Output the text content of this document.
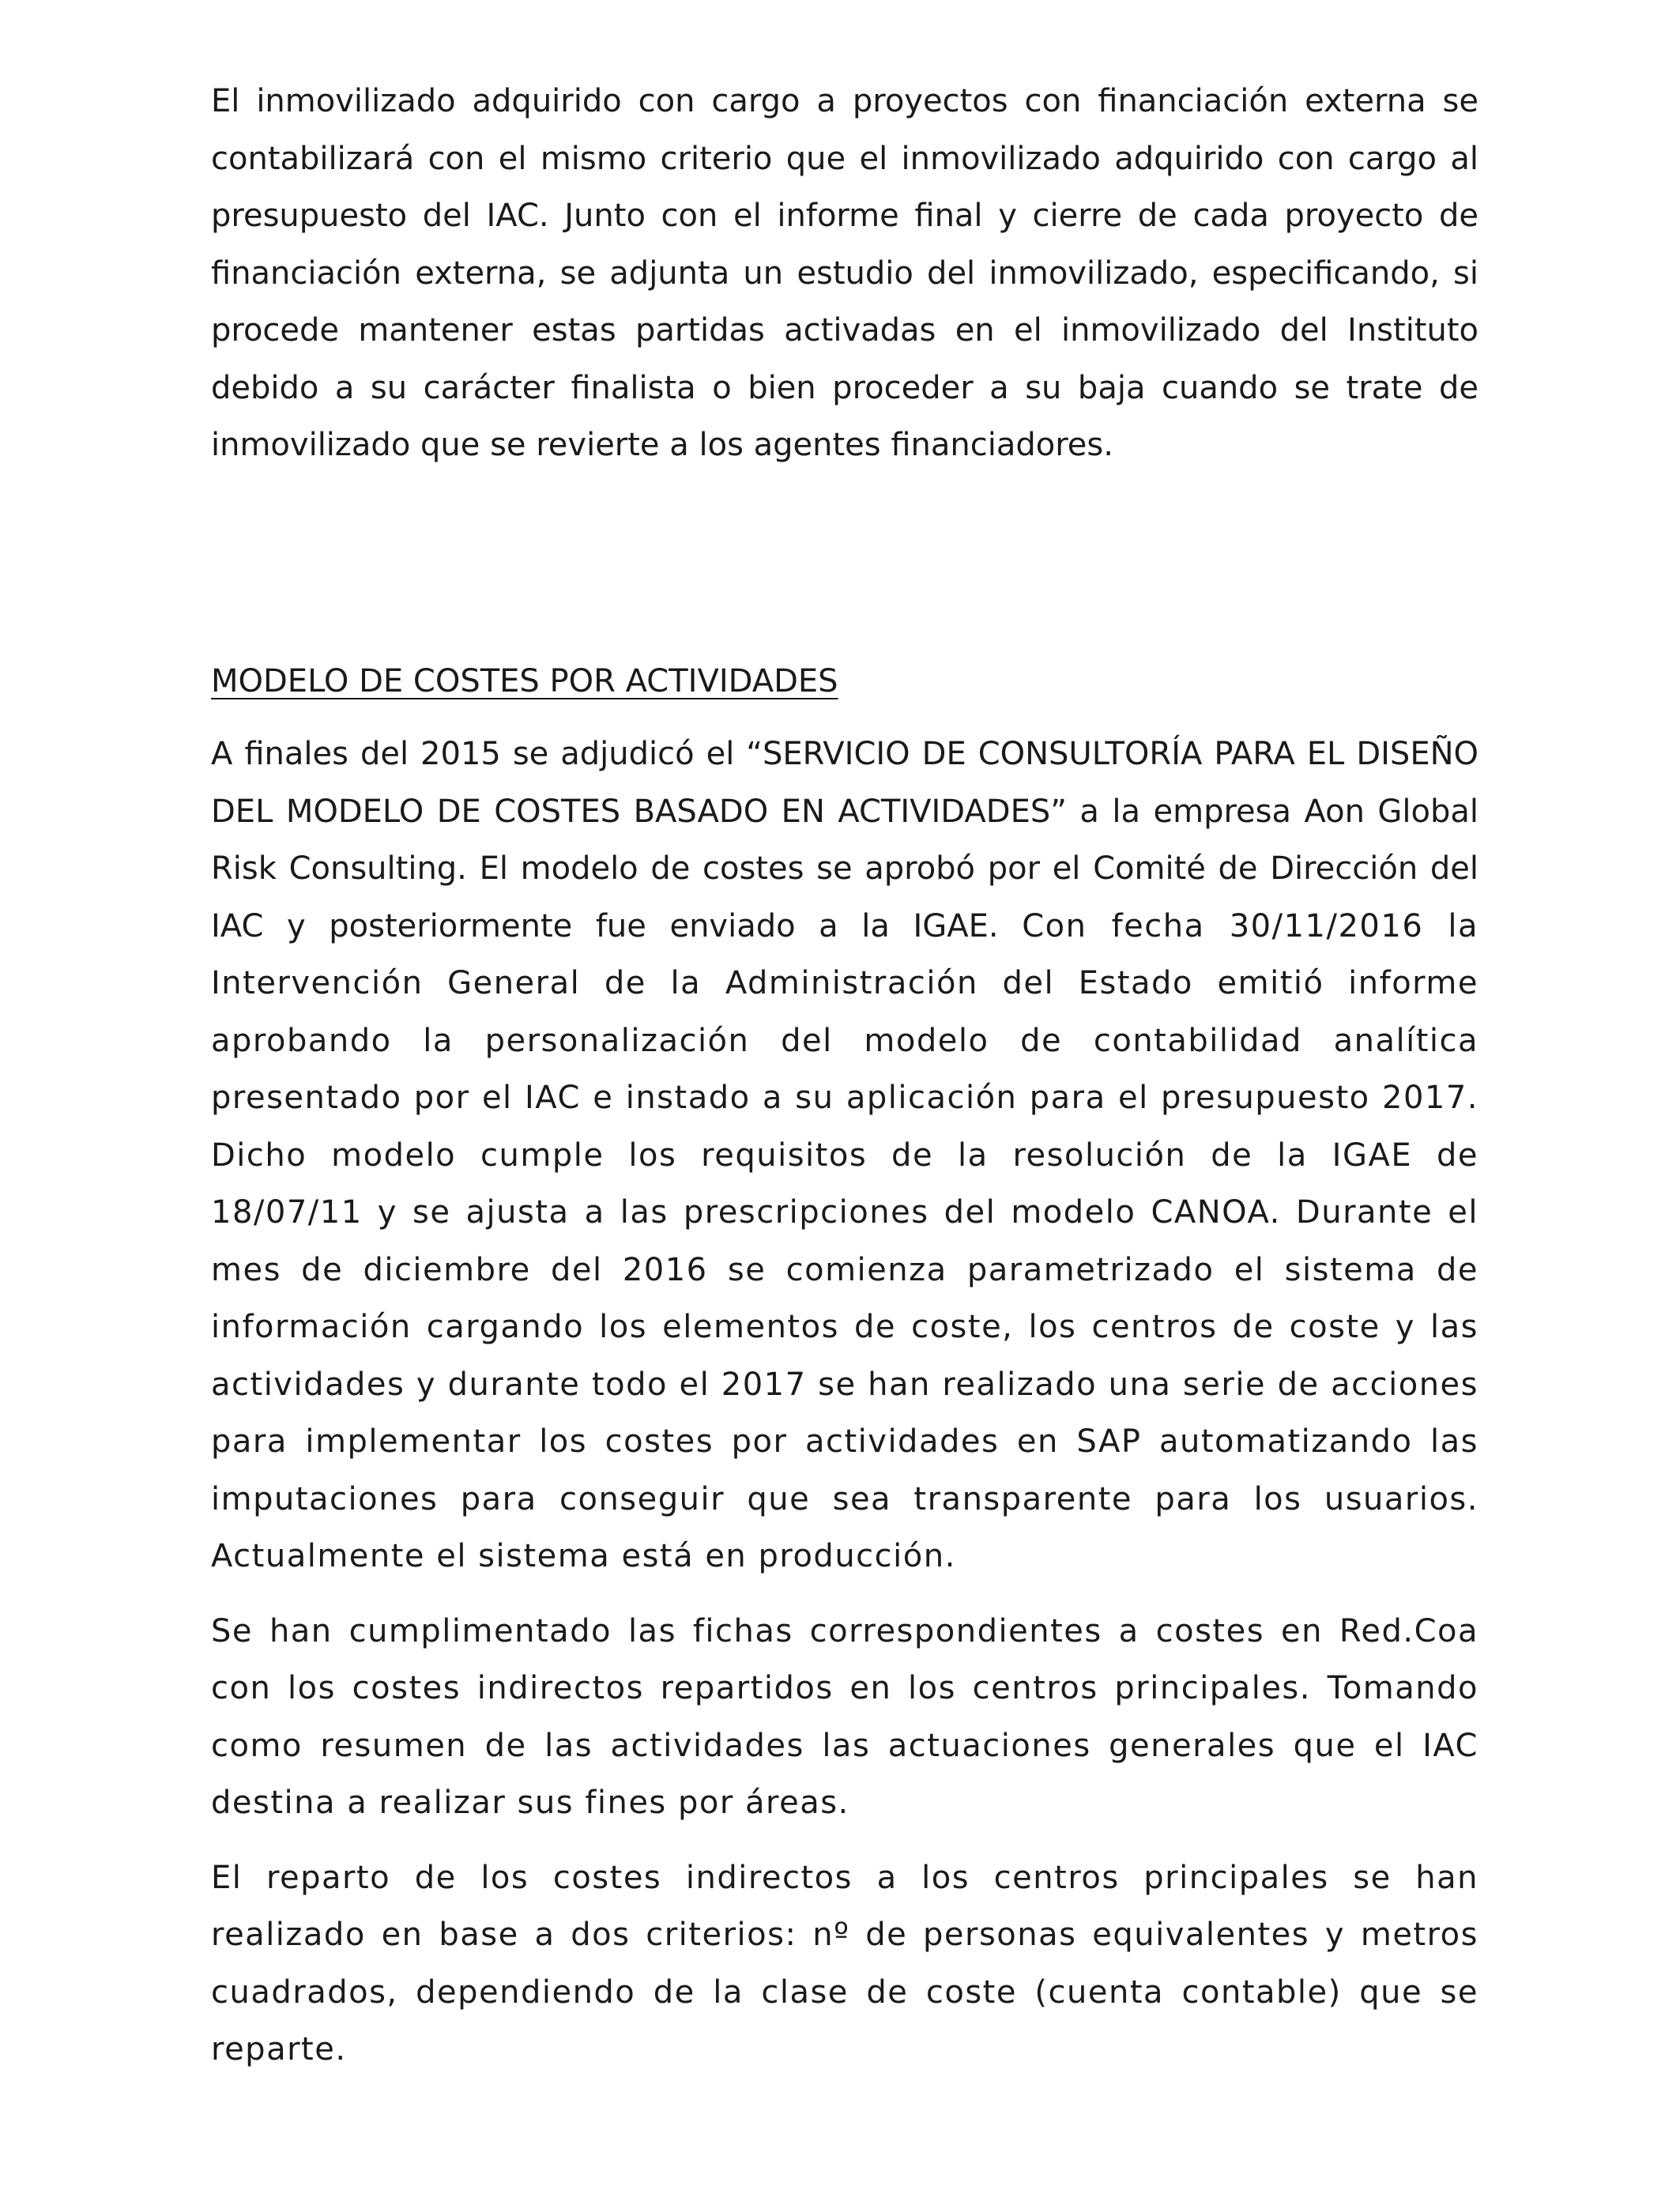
El inmovilizado adquirido con cargo a proyectos con financiación externa se contabilizará con el mismo criterio que el inmovilizado adquirido con cargo al presupuesto del IAC. Junto con el informe final y cierre de cada proyecto de financiación externa, se adjunta un estudio del inmovilizado, especificando, si procede mantener estas partidas activadas en el inmovilizado del Instituto debido a su carácter finalista o bien proceder a su baja cuando se trate de inmovilizado que se revierte a los agentes financiadores.

MODELO DE COSTES POR ACTIVIDADES

A finales del 2015 se adjudicó el “SERVICIO DE CONSULTORÍA PARA EL DISEÑO DEL MODELO DE COSTES BASADO EN ACTIVIDADES” a la empresa Aon Global Risk Consulting. El modelo de costes se aprobó por el Comité de Dirección del IAC y posteriormente fue enviado a la IGAE. Con fecha 30/11/2016 la Intervención General de la Administración del Estado emitió informe aprobando la personalización del modelo de contabilidad analítica presentado por el IAC e instado a su aplicación para el presupuesto 2017. Dicho modelo cumple los requisitos de la resolución de la IGAE de 18/07/11 y se ajusta a las prescripciones del modelo CANOA. Durante el mes de diciembre del 2016 se comienza parametrizado el sistema de información cargando los elementos de coste, los centros de coste y las actividades y durante todo el 2017 se han realizado una serie de acciones para implementar los costes por actividades en SAP automatizando las imputaciones para conseguir que sea transparente para los usuarios. Actualmente el sistema está en producción.

Se han cumplimentado las fichas correspondientes a costes en Red.Coa con los costes indirectos repartidos en los centros principales. Tomando como resumen de las actividades las actuaciones generales que el IAC destina a realizar sus fines por áreas.

El reparto de los costes indirectos a los centros principales se han realizado en base a dos criterios: nº de personas equivalentes y metros cuadrados, dependiendo de la clase de coste (cuenta contable) que se reparte.
